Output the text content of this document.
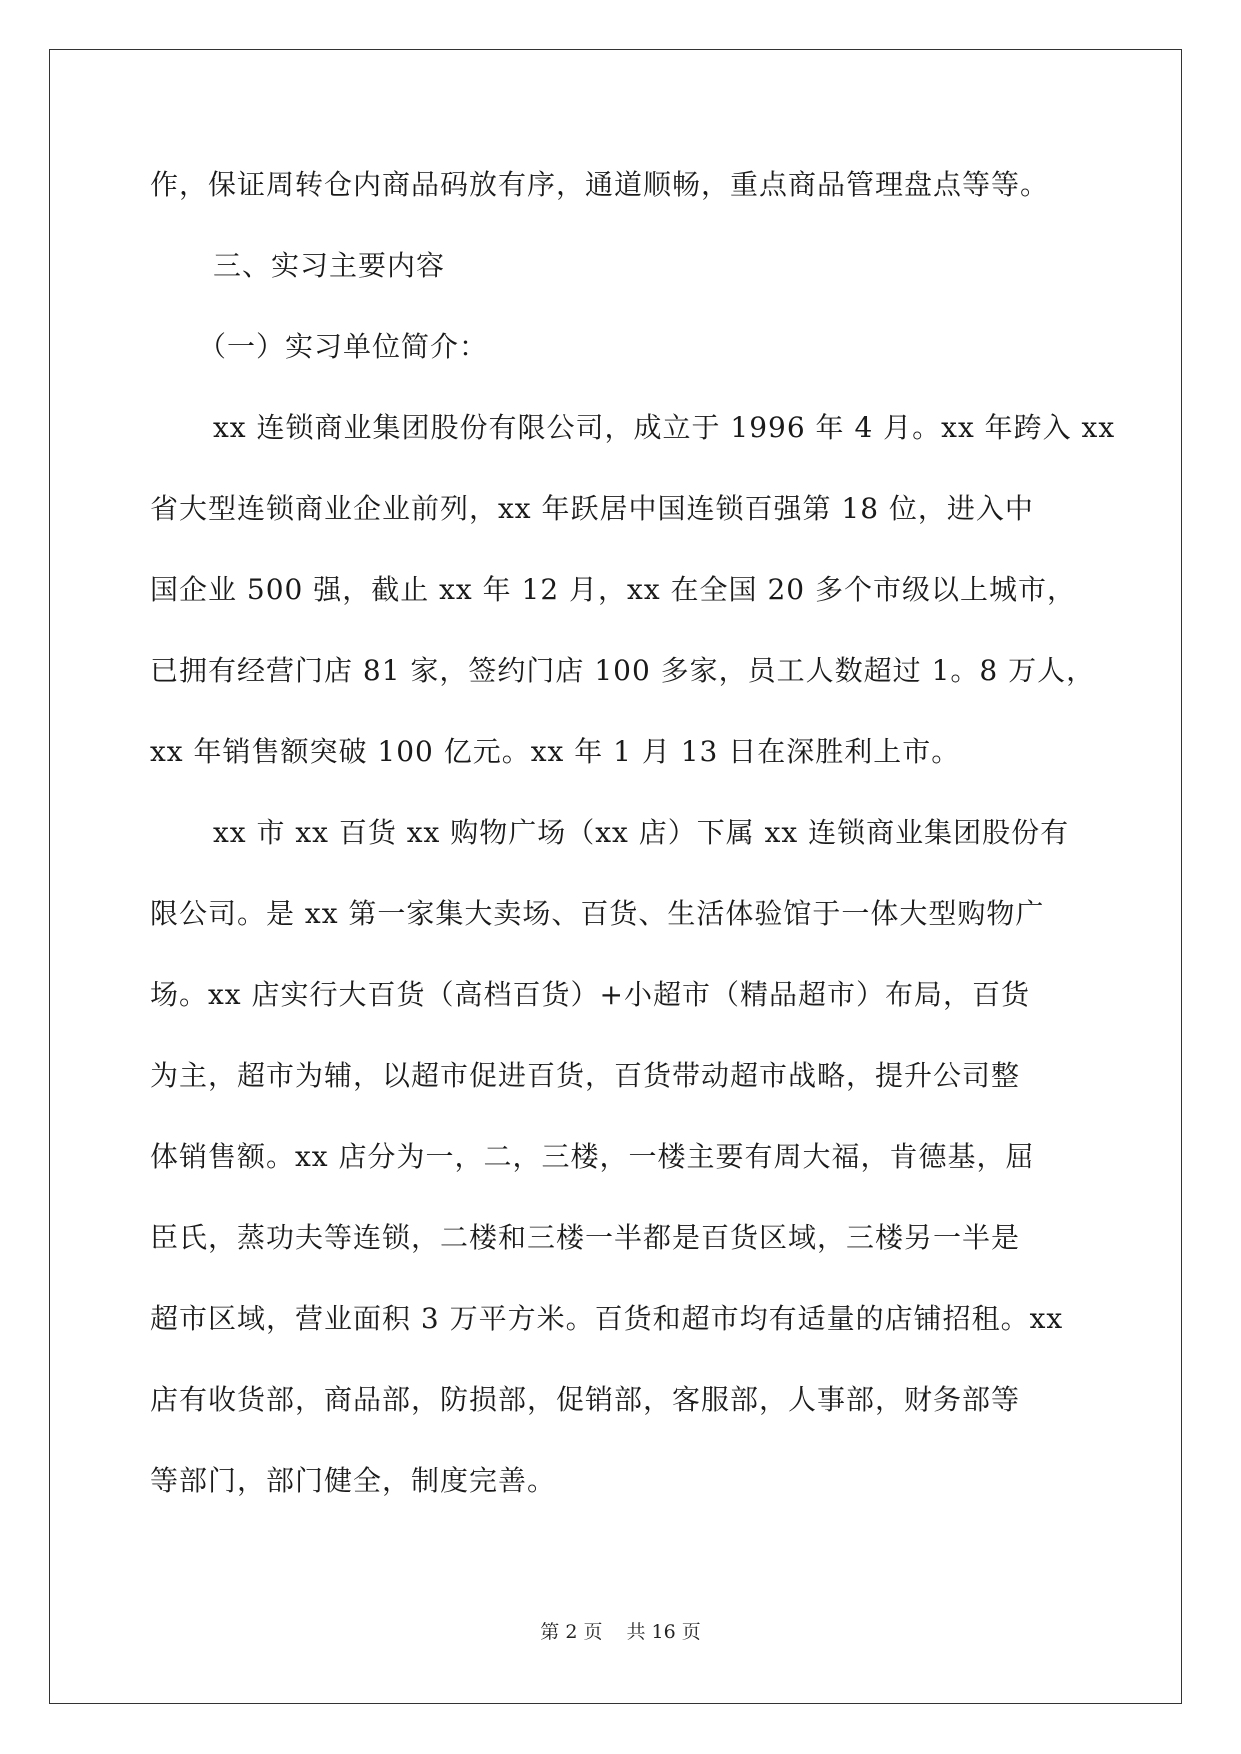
作，保证周转仓内商品码放有序，通道顺畅，重点商品管理盘点等等。
三、实习主要内容
（一）实习单位简介：
xx 连锁商业集团股份有限公司，成立于 1996 年 4 月。xx 年跨入 xx
省大型连锁商业企业前列，xx 年跃居中国连锁百强第 18 位，进入中
国企业 500 强，截止 xx 年 12 月，xx 在全国 20 多个市级以上城市，
已拥有经营门店 81 家，签约门店 100 多家，员工人数超过 1。8 万人，
xx 年销售额突破 100 亿元。xx 年 1 月 13 日在深胜利上市。
xx 市 xx 百货 xx 购物广场（xx 店）下属 xx 连锁商业集团股份有
限公司。是 xx 第一家集大卖场、百货、生活体验馆于一体大型购物广
场。xx 店实行大百货（高档百货）+小超市（精品超市）布局，百货
为主，超市为辅，以超市促进百货，百货带动超市战略，提升公司整
体销售额。xx 店分为一，二，三楼，一楼主要有周大福，肯德基，屈
臣氏，蒸功夫等连锁，二楼和三楼一半都是百货区域，三楼另一半是
超市区域，营业面积 3 万平方米。百货和超市均有适量的店铺招租。xx
店有收货部，商品部，防损部，促销部，客服部，人事部，财务部等
等部门，部门健全，制度完善。
第 2 页 共 16 页
